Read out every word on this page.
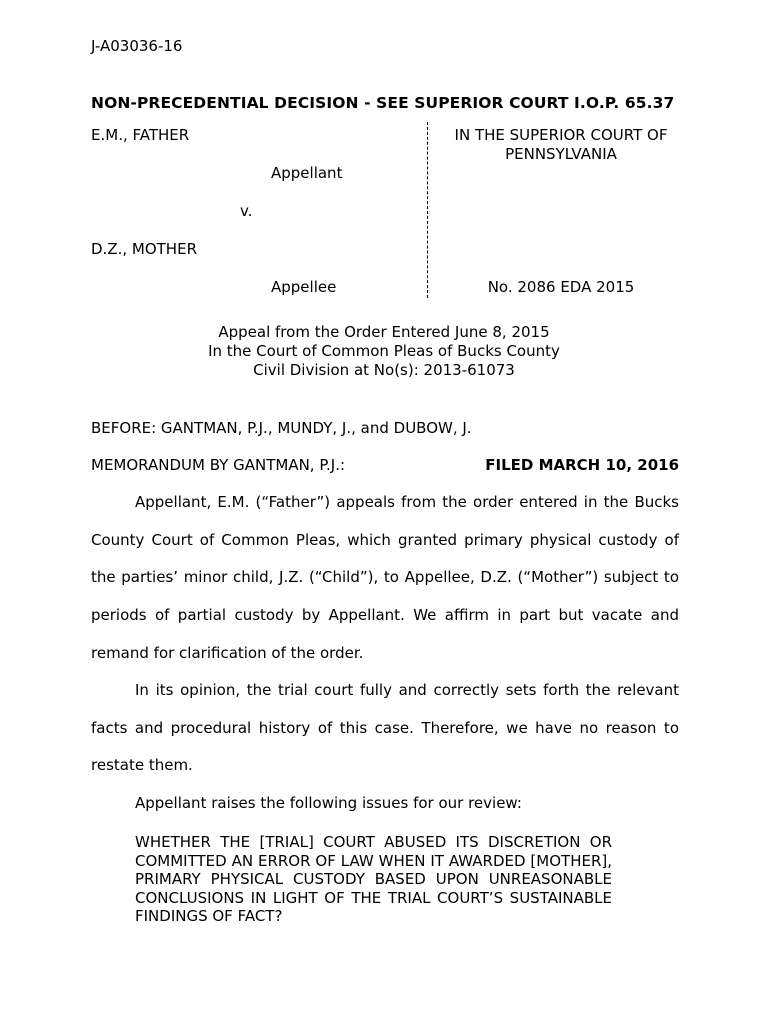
J-A03036-16
NON-PRECEDENTIAL DECISION - SEE SUPERIOR COURT I.O.P. 65.37
E.M., FATHER
Appellant
v.
D.Z., MOTHER
Appellee
IN THE SUPERIOR COURT OF
PENNSYLVANIA
No. 2086 EDA 2015
Appeal from the Order Entered June 8, 2015
In the Court of Common Pleas of Bucks County
Civil Division at No(s): 2013-61073
BEFORE: GANTMAN, P.J., MUNDY, J., and DUBOW, J.
MEMORANDUM BY GANTMAN, P.J.:	FILED MARCH 10, 2016

Appellant, E.M. (“Father”) appeals from the order entered in the Bucks County Court of Common Pleas, which granted primary physical custody of the parties’ minor child, J.Z. (“Child”), to Appellee, D.Z. (“Mother”) subject to periods of partial custody by Appellant. We affirm in part but vacate and remand for clarification of the order.

In its opinion, the trial court fully and correctly sets forth the relevant facts and procedural history of this case. Therefore, we have no reason to restate them.

Appellant raises the following issues for our review:

WHETHER THE [TRIAL] COURT ABUSED ITS DISCRETION OR COMMITTED AN ERROR OF LAW WHEN IT AWARDED [MOTHER], PRIMARY PHYSICAL CUSTODY BASED UPON UNREASONABLE CONCLUSIONS IN LIGHT OF THE TRIAL COURT’S SUSTAINABLE FINDINGS OF FACT?
